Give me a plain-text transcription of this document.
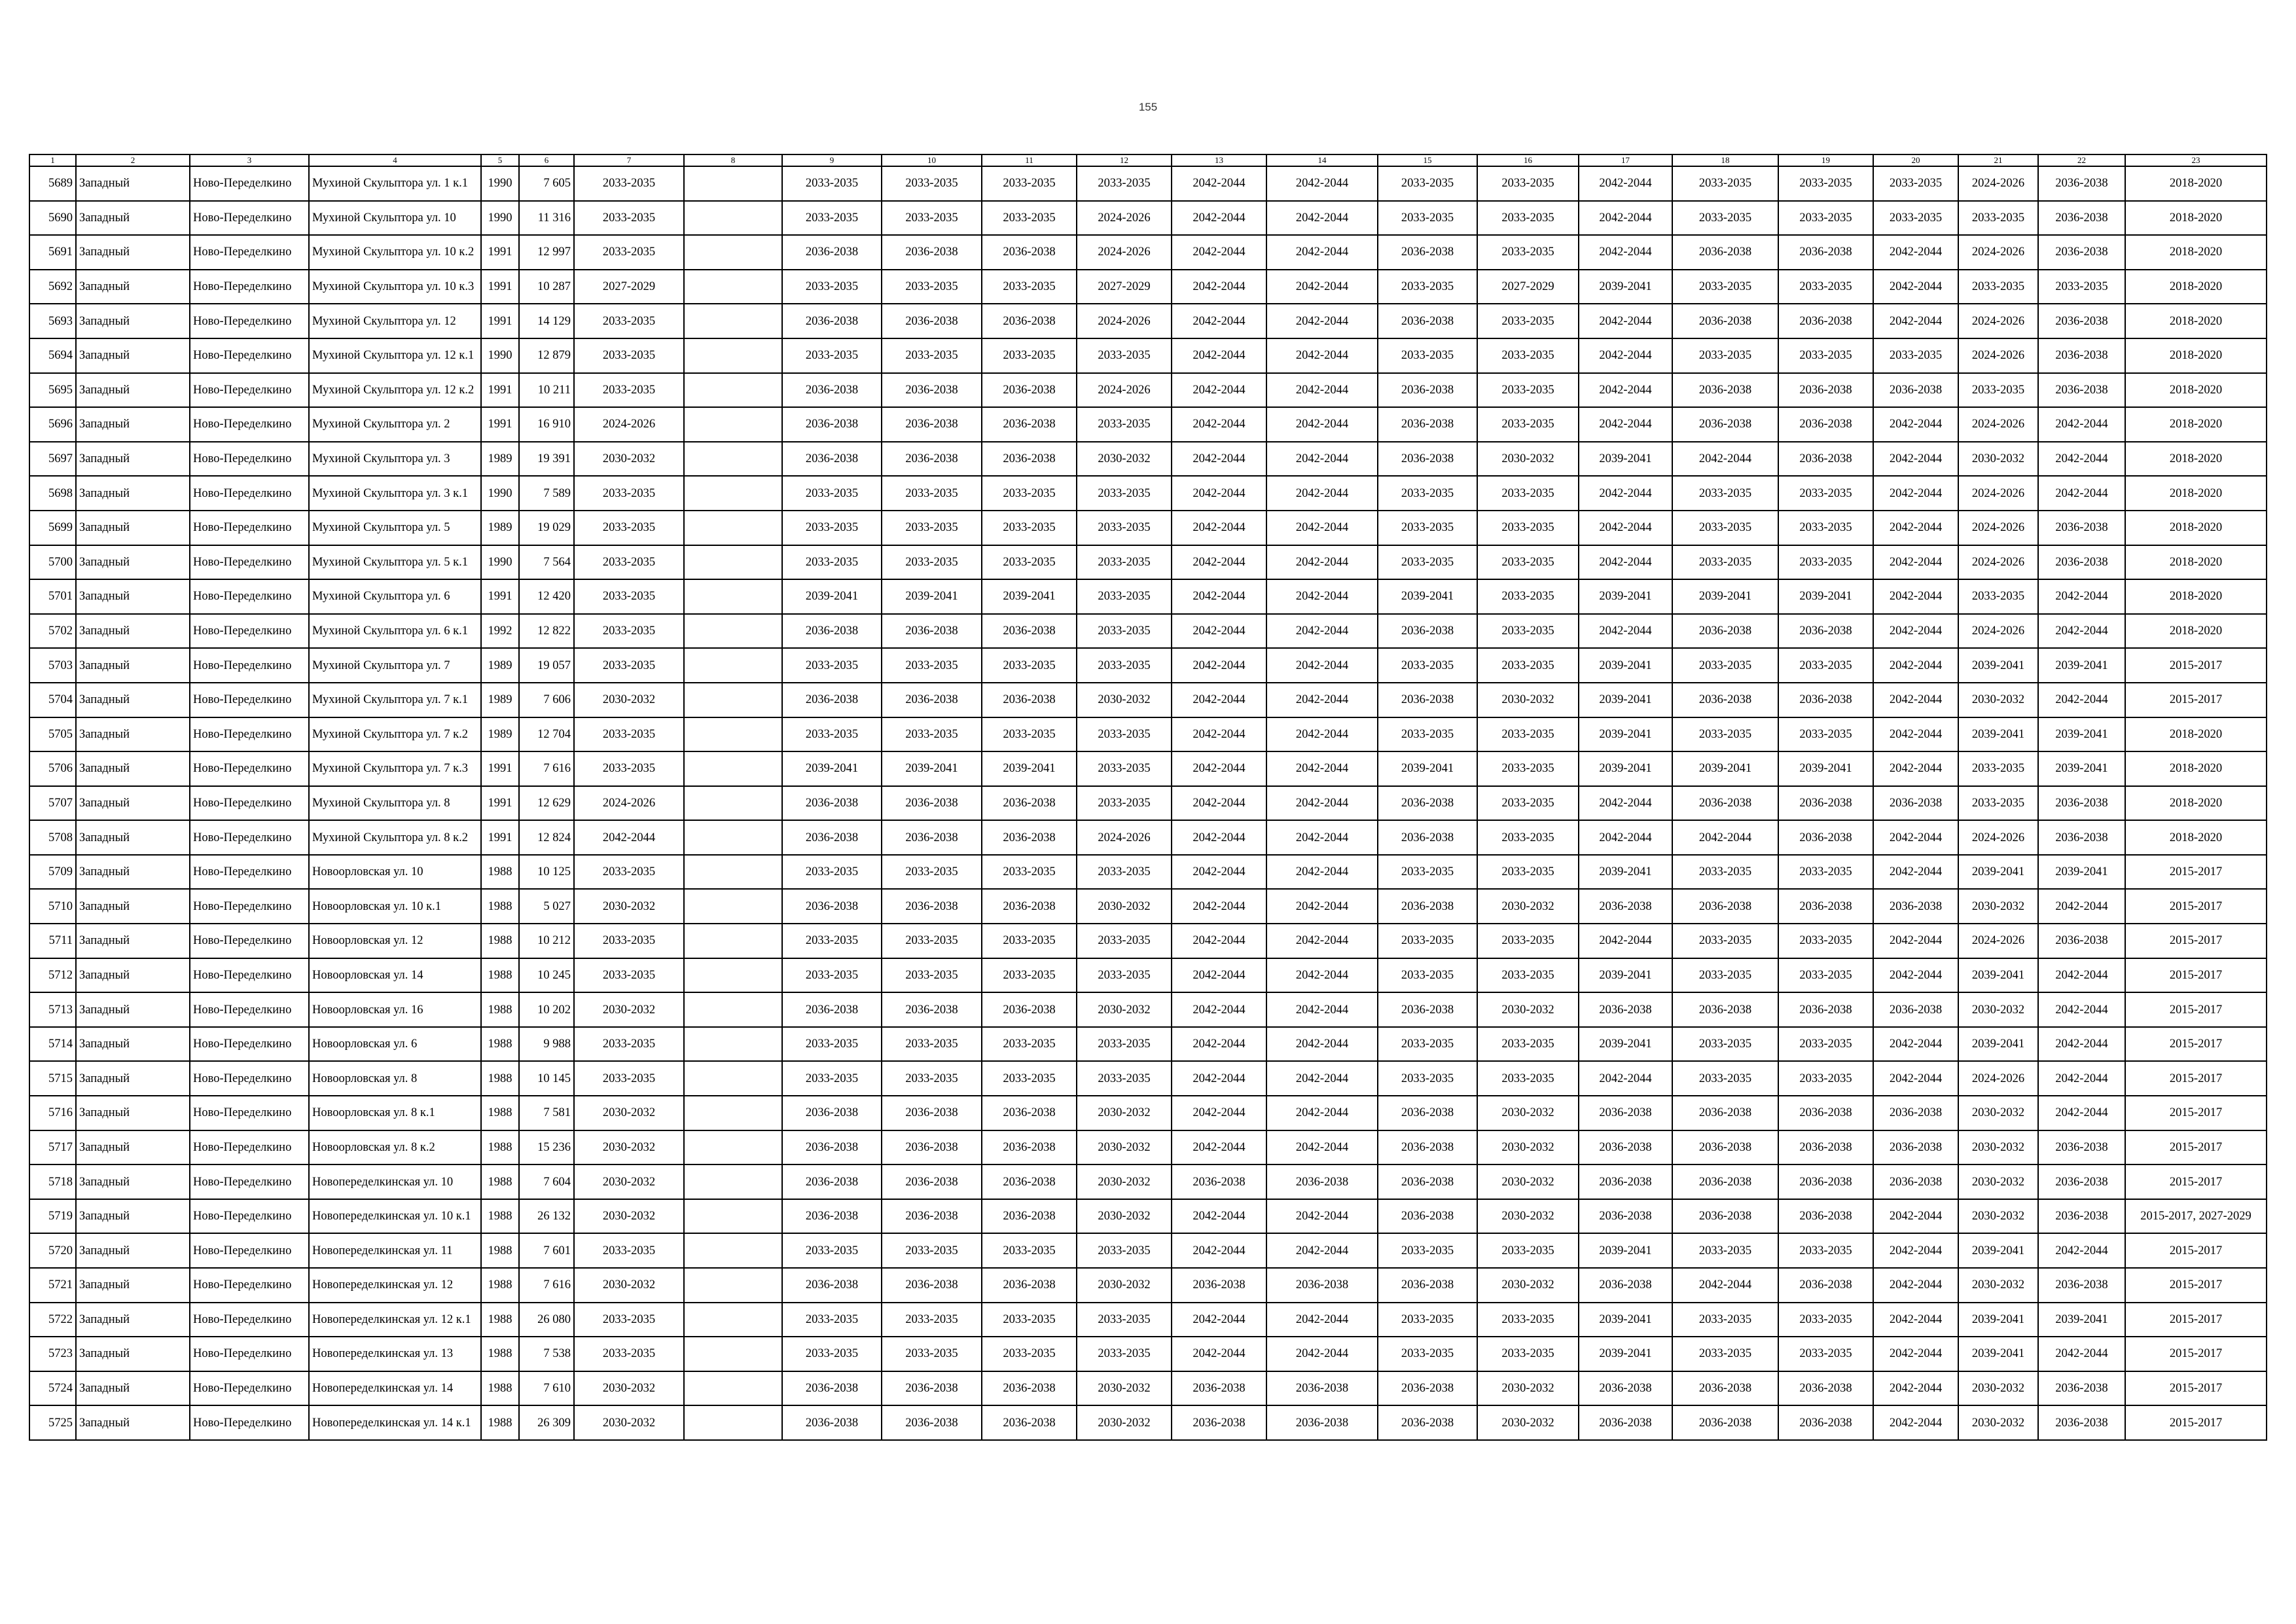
155
1	2	3	4	5	6	7	8	9	10	11	12	13	14	15	16	17	18	19	20	21	22	23
5689	Западный	Ново-Переделкино	Мухиной Скульптора ул. 1 к.1	1990	7 605	2033-2035		2033-2035	2033-2035	2033-2035	2033-2035	2042-2044	2042-2044	2033-2035	2033-2035	2042-2044	2033-2035	2033-2035	2033-2035	2024-2026	2036-2038	2018-2020
5690	Западный	Ново-Переделкино	Мухиной Скульптора ул. 10	1990	11 316	2033-2035		2033-2035	2033-2035	2033-2035	2024-2026	2042-2044	2042-2044	2033-2035	2033-2035	2042-2044	2033-2035	2033-2035	2033-2035	2033-2035	2036-2038	2018-2020
5691	Западный	Ново-Переделкино	Мухиной Скульптора ул. 10 к.2	1991	12 997	2033-2035		2036-2038	2036-2038	2036-2038	2024-2026	2042-2044	2042-2044	2036-2038	2033-2035	2042-2044	2036-2038	2036-2038	2042-2044	2024-2026	2036-2038	2018-2020
5692	Западный	Ново-Переделкино	Мухиной Скульптора ул. 10 к.3	1991	10 287	2027-2029		2033-2035	2033-2035	2033-2035	2027-2029	2042-2044	2042-2044	2033-2035	2027-2029	2039-2041	2033-2035	2033-2035	2042-2044	2033-2035	2033-2035	2018-2020
5693	Западный	Ново-Переделкино	Мухиной Скульптора ул. 12	1991	14 129	2033-2035		2036-2038	2036-2038	2036-2038	2024-2026	2042-2044	2042-2044	2036-2038	2033-2035	2042-2044	2036-2038	2036-2038	2042-2044	2024-2026	2036-2038	2018-2020
5694	Западный	Ново-Переделкино	Мухиной Скульптора ул. 12 к.1	1990	12 879	2033-2035		2033-2035	2033-2035	2033-2035	2033-2035	2042-2044	2042-2044	2033-2035	2033-2035	2042-2044	2033-2035	2033-2035	2033-2035	2024-2026	2036-2038	2018-2020
5695	Западный	Ново-Переделкино	Мухиной Скульптора ул. 12 к.2	1991	10 211	2033-2035		2036-2038	2036-2038	2036-2038	2024-2026	2042-2044	2042-2044	2036-2038	2033-2035	2042-2044	2036-2038	2036-2038	2036-2038	2033-2035	2036-2038	2018-2020
5696	Западный	Ново-Переделкино	Мухиной Скульптора ул. 2	1991	16 910	2024-2026		2036-2038	2036-2038	2036-2038	2033-2035	2042-2044	2042-2044	2036-2038	2033-2035	2042-2044	2036-2038	2036-2038	2042-2044	2024-2026	2042-2044	2018-2020
5697	Западный	Ново-Переделкино	Мухиной Скульптора ул. 3	1989	19 391	2030-2032		2036-2038	2036-2038	2036-2038	2030-2032	2042-2044	2042-2044	2036-2038	2030-2032	2039-2041	2042-2044	2036-2038	2042-2044	2030-2032	2042-2044	2018-2020
5698	Западный	Ново-Переделкино	Мухиной Скульптора ул. 3 к.1	1990	7 589	2033-2035		2033-2035	2033-2035	2033-2035	2033-2035	2042-2044	2042-2044	2033-2035	2033-2035	2042-2044	2033-2035	2033-2035	2042-2044	2024-2026	2042-2044	2018-2020
5699	Западный	Ново-Переделкино	Мухиной Скульптора ул. 5	1989	19 029	2033-2035		2033-2035	2033-2035	2033-2035	2033-2035	2042-2044	2042-2044	2033-2035	2033-2035	2042-2044	2033-2035	2033-2035	2042-2044	2024-2026	2036-2038	2018-2020
5700	Западный	Ново-Переделкино	Мухиной Скульптора ул. 5 к.1	1990	7 564	2033-2035		2033-2035	2033-2035	2033-2035	2033-2035	2042-2044	2042-2044	2033-2035	2033-2035	2042-2044	2033-2035	2033-2035	2042-2044	2024-2026	2036-2038	2018-2020
5701	Западный	Ново-Переделкино	Мухиной Скульптора ул. 6	1991	12 420	2033-2035		2039-2041	2039-2041	2039-2041	2033-2035	2042-2044	2042-2044	2039-2041	2033-2035	2039-2041	2039-2041	2039-2041	2042-2044	2033-2035	2042-2044	2018-2020
5702	Западный	Ново-Переделкино	Мухиной Скульптора ул. 6 к.1	1992	12 822	2033-2035		2036-2038	2036-2038	2036-2038	2033-2035	2042-2044	2042-2044	2036-2038	2033-2035	2042-2044	2036-2038	2036-2038	2042-2044	2024-2026	2042-2044	2018-2020
5703	Западный	Ново-Переделкино	Мухиной Скульптора ул. 7	1989	19 057	2033-2035		2033-2035	2033-2035	2033-2035	2033-2035	2042-2044	2042-2044	2033-2035	2033-2035	2039-2041	2033-2035	2033-2035	2042-2044	2039-2041	2039-2041	2015-2017
5704	Западный	Ново-Переделкино	Мухиной Скульптора ул. 7 к.1	1989	7 606	2030-2032		2036-2038	2036-2038	2036-2038	2030-2032	2042-2044	2042-2044	2036-2038	2030-2032	2039-2041	2036-2038	2036-2038	2042-2044	2030-2032	2042-2044	2015-2017
5705	Западный	Ново-Переделкино	Мухиной Скульптора ул. 7 к.2	1989	12 704	2033-2035		2033-2035	2033-2035	2033-2035	2033-2035	2042-2044	2042-2044	2033-2035	2033-2035	2039-2041	2033-2035	2033-2035	2042-2044	2039-2041	2039-2041	2018-2020
5706	Западный	Ново-Переделкино	Мухиной Скульптора ул. 7 к.3	1991	7 616	2033-2035		2039-2041	2039-2041	2039-2041	2033-2035	2042-2044	2042-2044	2039-2041	2033-2035	2039-2041	2039-2041	2039-2041	2042-2044	2033-2035	2039-2041	2018-2020
5707	Западный	Ново-Переделкино	Мухиной Скульптора ул. 8	1991	12 629	2024-2026		2036-2038	2036-2038	2036-2038	2033-2035	2042-2044	2042-2044	2036-2038	2033-2035	2042-2044	2036-2038	2036-2038	2036-2038	2033-2035	2036-2038	2018-2020
5708	Западный	Ново-Переделкино	Мухиной Скульптора ул. 8 к.2	1991	12 824	2042-2044		2036-2038	2036-2038	2036-2038	2024-2026	2042-2044	2042-2044	2036-2038	2033-2035	2042-2044	2042-2044	2036-2038	2042-2044	2024-2026	2036-2038	2018-2020
5709	Западный	Ново-Переделкино	Новоорловская ул. 10	1988	10 125	2033-2035		2033-2035	2033-2035	2033-2035	2033-2035	2042-2044	2042-2044	2033-2035	2033-2035	2039-2041	2033-2035	2033-2035	2042-2044	2039-2041	2039-2041	2015-2017
5710	Западный	Ново-Переделкино	Новоорловская ул. 10 к.1	1988	5 027	2030-2032		2036-2038	2036-2038	2036-2038	2030-2032	2042-2044	2042-2044	2036-2038	2030-2032	2036-2038	2036-2038	2036-2038	2036-2038	2030-2032	2042-2044	2015-2017
5711	Западный	Ново-Переделкино	Новоорловская ул. 12	1988	10 212	2033-2035		2033-2035	2033-2035	2033-2035	2033-2035	2042-2044	2042-2044	2033-2035	2033-2035	2042-2044	2033-2035	2033-2035	2042-2044	2024-2026	2036-2038	2015-2017
5712	Западный	Ново-Переделкино	Новоорловская ул. 14	1988	10 245	2033-2035		2033-2035	2033-2035	2033-2035	2033-2035	2042-2044	2042-2044	2033-2035	2033-2035	2039-2041	2033-2035	2033-2035	2042-2044	2039-2041	2042-2044	2015-2017
5713	Западный	Ново-Переделкино	Новоорловская ул. 16	1988	10 202	2030-2032		2036-2038	2036-2038	2036-2038	2030-2032	2042-2044	2042-2044	2036-2038	2030-2032	2036-2038	2036-2038	2036-2038	2036-2038	2030-2032	2042-2044	2015-2017
5714	Западный	Ново-Переделкино	Новоорловская ул. 6	1988	9 988	2033-2035		2033-2035	2033-2035	2033-2035	2033-2035	2042-2044	2042-2044	2033-2035	2033-2035	2039-2041	2033-2035	2033-2035	2042-2044	2039-2041	2042-2044	2015-2017
5715	Западный	Ново-Переделкино	Новоорловская ул. 8	1988	10 145	2033-2035		2033-2035	2033-2035	2033-2035	2033-2035	2042-2044	2042-2044	2033-2035	2033-2035	2042-2044	2033-2035	2033-2035	2042-2044	2024-2026	2042-2044	2015-2017
5716	Западный	Ново-Переделкино	Новоорловская ул. 8 к.1	1988	7 581	2030-2032		2036-2038	2036-2038	2036-2038	2030-2032	2042-2044	2042-2044	2036-2038	2030-2032	2036-2038	2036-2038	2036-2038	2036-2038	2030-2032	2042-2044	2015-2017
5717	Западный	Ново-Переделкино	Новоорловская ул. 8 к.2	1988	15 236	2030-2032		2036-2038	2036-2038	2036-2038	2030-2032	2042-2044	2042-2044	2036-2038	2030-2032	2036-2038	2036-2038	2036-2038	2036-2038	2030-2032	2036-2038	2015-2017
5718	Западный	Ново-Переделкино	Новопеределкинская ул. 10	1988	7 604	2030-2032		2036-2038	2036-2038	2036-2038	2030-2032	2036-2038	2036-2038	2036-2038	2030-2032	2036-2038	2036-2038	2036-2038	2036-2038	2030-2032	2036-2038	2015-2017
5719	Западный	Ново-Переделкино	Новопеределкинская ул. 10 к.1	1988	26 132	2030-2032		2036-2038	2036-2038	2036-2038	2030-2032	2042-2044	2042-2044	2036-2038	2030-2032	2036-2038	2036-2038	2036-2038	2042-2044	2030-2032	2036-2038	2015-2017, 2027-2029
5720	Западный	Ново-Переделкино	Новопеределкинская ул. 11	1988	7 601	2033-2035		2033-2035	2033-2035	2033-2035	2033-2035	2042-2044	2042-2044	2033-2035	2033-2035	2039-2041	2033-2035	2033-2035	2042-2044	2039-2041	2042-2044	2015-2017
5721	Западный	Ново-Переделкино	Новопеределкинская ул. 12	1988	7 616	2030-2032		2036-2038	2036-2038	2036-2038	2030-2032	2036-2038	2036-2038	2036-2038	2030-2032	2036-2038	2042-2044	2036-2038	2042-2044	2030-2032	2036-2038	2015-2017
5722	Западный	Ново-Переделкино	Новопеределкинская ул. 12 к.1	1988	26 080	2033-2035		2033-2035	2033-2035	2033-2035	2033-2035	2042-2044	2042-2044	2033-2035	2033-2035	2039-2041	2033-2035	2033-2035	2042-2044	2039-2041	2039-2041	2015-2017
5723	Западный	Ново-Переделкино	Новопеределкинская ул. 13	1988	7 538	2033-2035		2033-2035	2033-2035	2033-2035	2033-2035	2042-2044	2042-2044	2033-2035	2033-2035	2039-2041	2033-2035	2033-2035	2042-2044	2039-2041	2042-2044	2015-2017
5724	Западный	Ново-Переделкино	Новопеределкинская ул. 14	1988	7 610	2030-2032		2036-2038	2036-2038	2036-2038	2030-2032	2036-2038	2036-2038	2036-2038	2030-2032	2036-2038	2036-2038	2036-2038	2042-2044	2030-2032	2036-2038	2015-2017
5725	Западный	Ново-Переделкино	Новопеределкинская ул. 14 к.1	1988	26 309	2030-2032		2036-2038	2036-2038	2036-2038	2030-2032	2036-2038	2036-2038	2036-2038	2030-2032	2036-2038	2036-2038	2036-2038	2042-2044	2030-2032	2036-2038	2015-2017
